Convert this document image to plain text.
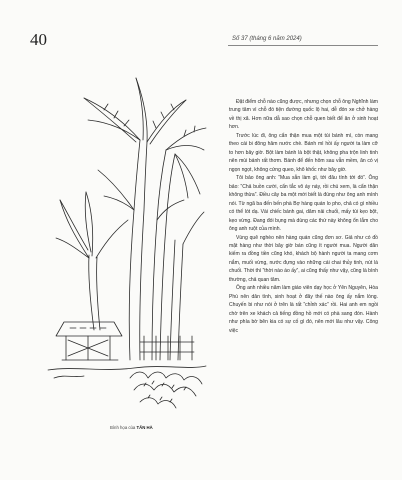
40	Số 37 (tháng 6 năm 2024)
Bình họa của TẤN HÀ

Đặt điểm chỗ nào cũng được, nhưng chọn chỗ ông Nghĩnh làm trung tâm vì chỗ đó tiện đường quốc lộ hai, dễ đón xe chở hàng về thị xã. Hơn nữa dẫ sao chọn chỗ quen biết để ăn ở sinh hoạt hơn.

Trước lúc đi, ông cẩn thận mua một túi bánh mì, còn mang theo cái bi đông hâm nước chè. Bánh mì hồi ấy người ta làm cỡ to hơn bây giờ. Bột làm bánh là bột thật, không pha trộn linh tinh nên mùi bánh rất thơm. Bánh để đến hôm sau vẫn mềm, ăn có vị ngọn ngọt, không cứng queo, khô khốc như bây giờ.

Tôi bảo ông anh: “Mua sẵn làm gì, tới đâu tính tới đó”. Ông bảo: “Chả buồn cười, cẩn tắc vô áy náy, rồi chú xem, là cẩn thận không thừa”. Điều cây ba một mới biết là đúng như ông anh mình nói. Từ ngã ba đến bến phà Bợ hàng quán lo pho, chả có gì nhiều có thể lót dạ. Vài chiếc bánh gai, dăm nải chuối, mấy túi kẹo bột, kẹo vừng. Đang đói bụng mà dùng các thứ này không ổn lắm cho ông anh ruột của mình.

Vùng quê nghèo nên hàng quán cũng đơn sơ. Giả như có đồ mặt hàng như thời bây giờ bán cũng ít người mua. Người dân kiếm ra đồng tiền cũng khó, khách bộ hành người ta mang cơm nắm, muối vừng, nước đựng vào những cái chai thủy tinh, nút lá chuối. Thời thì “thời nào áo ấy”, ai cũng thấy như vậy, cũng là bình thường, chả quan tâm.

Ông anh nhiều năm làm giáo viên dạy học ở Yên Nguyên, Hòa Phú nên dân tình, sinh hoạt ở đây thế nào ông ấy nắm lòng. Chuyến bi như nói ở trên là rất “chỉnh xác” rồi. Hai anh em ngồi chờ trên xe khách cả tiếng đồng hồ mới có phà sang đón. Hành như phía bờ bên kia có sự cố gì đó, nên mới lâu như vậy. Công việc
